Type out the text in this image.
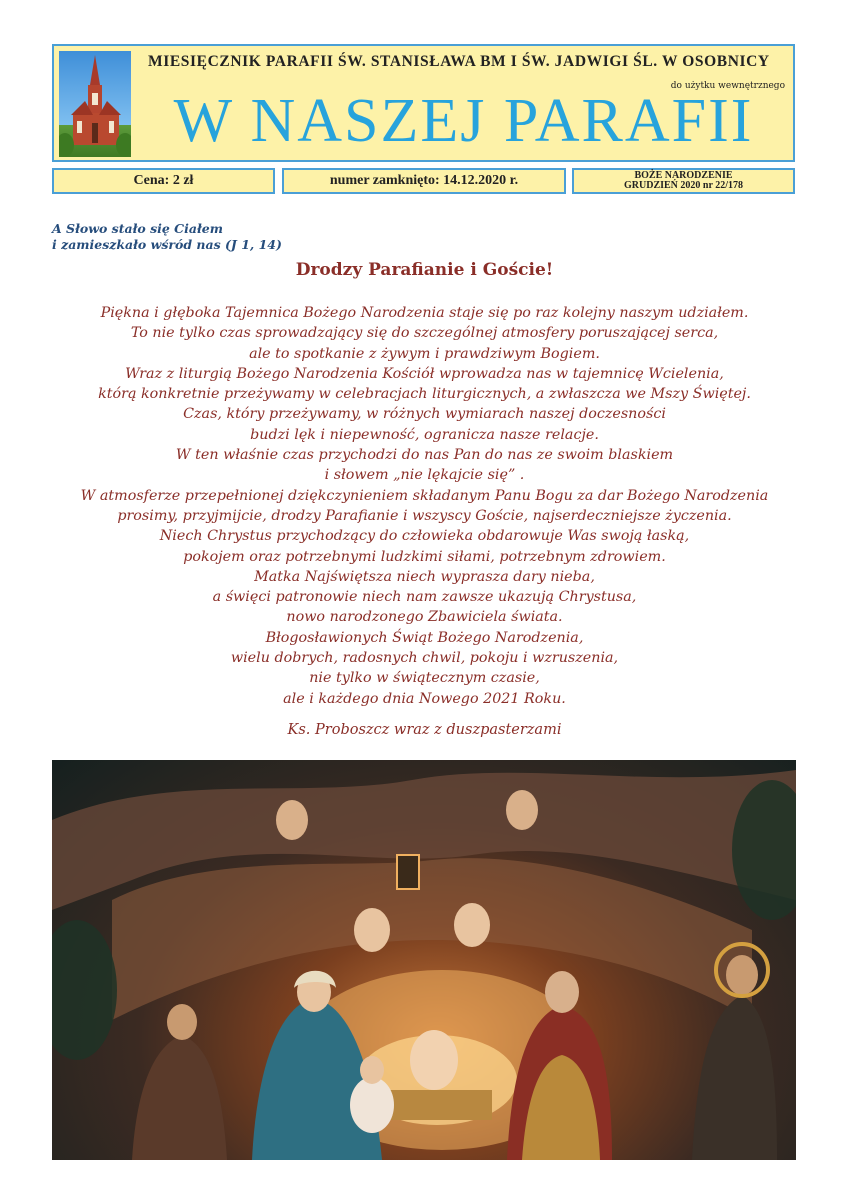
MIESIĘCZNIK PARAFII ŚW. STANISŁAWA BM I ŚW. JADWIGI ŚL. W OSOBNICY
do użytku wewnętrznego
W NASZEJ PARAFII
Cena: 2 zł	numer zamknięto: 14.12.2020 r.	BOŻE NARODZENIE
GRUDZIEŃ 2020 nr 22/178
A Słowo stało się Ciałem
i zamieszkało wśród nas (J 1, 14)
Drodzy Parafianie i Goście!
Piękna i głęboka Tajemnica Bożego Narodzenia staje się po raz kolejny naszym udziałem.
To nie tylko czas sprowadzający się do szczególnej atmosfery poruszającej serca,
ale to spotkanie z żywym i prawdziwym Bogiem.
Wraz z liturgią Bożego Narodzenia Kościół wprowadza nas w tajemnicę Wcielenia,
którą konkretnie przeżywamy w celebracjach liturgicznych, a zwłaszcza we Mszy Świętej.
Czas, który przeżywamy, w różnych wymiarach naszej doczesności
budzi lęk i niepewność, ogranicza nasze relacje.
W ten właśnie czas przychodzi do nas Pan do nas ze swoim blaskiem
i słowem „nie lękajcie się” .
W atmosferze przepełnionej dziękczynieniem składanym Panu Bogu za dar Bożego Narodzenia
prosimy, przyjmijcie, drodzy Parafianie i wszyscy Goście, najserdeczniejsze życzenia.
Niech Chrystus przychodzący do człowieka obdarowuje Was swoją łaską,
pokojem oraz potrzebnymi ludzkimi siłami, potrzebnym zdrowiem.
Matka Najświętsza niech wyprasza dary nieba,
a święci patronowie niech nam zawsze ukazują Chrystusa,
nowo narodzonego Zbawiciela świata.
Błogosławionych Świąt Bożego Narodzenia,
wielu dobrych, radosnych chwil, pokoju i wzruszenia,
nie tylko w świątecznym czasie,
ale i każdego dnia Nowego 2021 Roku.
Ks. Proboszcz wraz z duszpasterzami
